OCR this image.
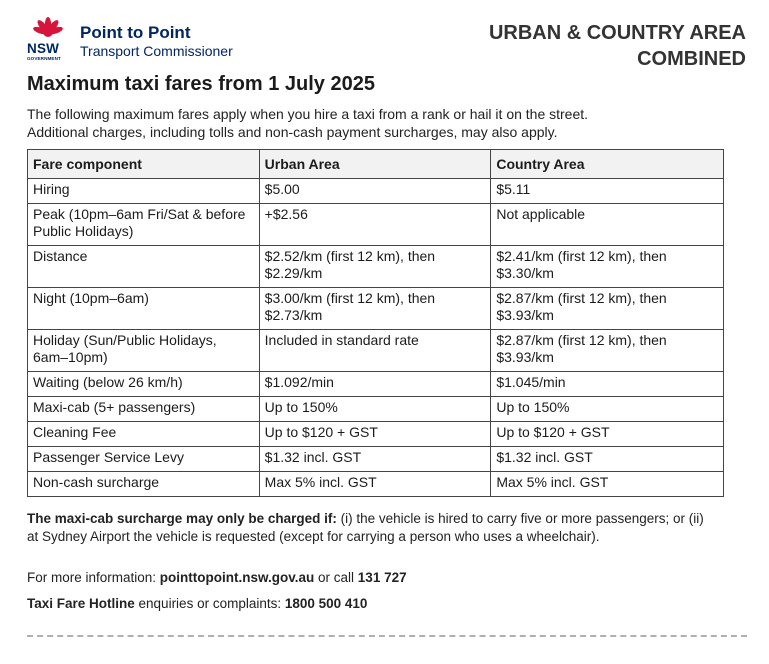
NSW
GOVERNMENT
Point to Point
Transport Commissioner
URBAN & COUNTRY AREA
COMBINED
Maximum taxi fares from 1 July 2025
The following maximum fares apply when you hire a taxi from a rank or hail it on the street.
Additional charges, including tolls and non-cash payment surcharges, may also apply.
Fare component	Urban Area	Country Area
Hiring	$5.00	$5.11
Peak (10pm–6am Fri/Sat & before Public Holidays)	+$2.56	Not applicable
Distance	$2.52/km (first 12 km), then $2.29/km	$2.41/km (first 12 km), then $3.30/km
Night (10pm–6am)	$3.00/km (first 12 km), then $2.73/km	$2.87/km (first 12 km), then $3.93/km
Holiday (Sun/Public Holidays, 6am–10pm)	Included in standard rate	$2.87/km (first 12 km), then $3.93/km
Waiting (below 26 km/h)	$1.092/min	$1.045/min
Maxi-cab (5+ passengers)	Up to 150%	Up to 150%
Cleaning Fee	Up to $120 + GST	Up to $120 + GST
Passenger Service Levy	$1.32 incl. GST	$1.32 incl. GST
Non-cash surcharge	Max 5% incl. GST	Max 5% incl. GST
The maxi-cab surcharge may only be charged if: (i) the vehicle is hired to carry five or more passengers; or (ii) at Sydney Airport the vehicle is requested (except for carrying a person who uses a wheelchair).
For more information: pointtopoint.nsw.gov.au or call 131 727
Taxi Fare Hotline enquiries or complaints: 1800 500 410
